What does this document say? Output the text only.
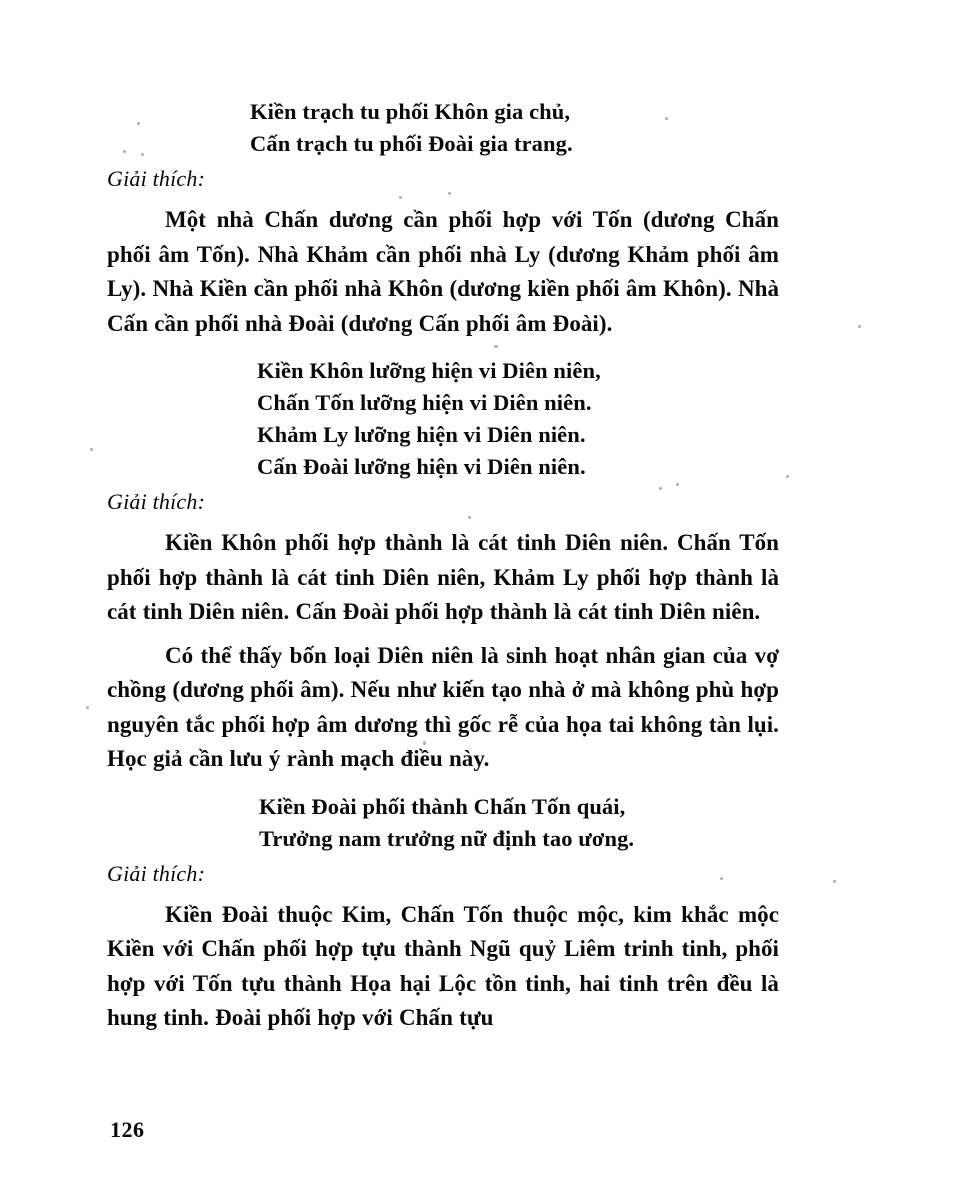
Kiền trạch tu phối Khôn gia chủ,
Cấn trạch tu phối Đoài gia trang.
Giải thích:

Một nhà Chấn dương cần phối hợp với Tốn (dương Chấn phối âm Tốn). Nhà Khảm cần phối nhà Ly (dương Khảm phối âm Ly). Nhà Kiền cần phối nhà Khôn (dương kiền phối âm Khôn). Nhà Cấn cần phối nhà Đoài (dương Cấn phối âm Đoài).

Kiền Khôn lưỡng hiện vi Diên niên,
Chấn Tốn lưỡng hiện vi Diên niên.
Khảm Ly lưỡng hiện vi Diên niên.
Cấn Đoài lưỡng hiện vi Diên niên.
Giải thích:

Kiền Khôn phối hợp thành là cát tinh Diên niên. Chấn Tốn phối hợp thành là cát tinh Diên niên, Khảm Ly phối hợp thành là cát tinh Diên niên. Cấn Đoài phối hợp thành là cát tinh Diên niên.

Có thể thấy bốn loại Diên niên là sinh hoạt nhân gian của vợ chồng (dương phối âm). Nếu như kiến tạo nhà ở mà không phù hợp nguyên tắc phối hợp âm dương thì gốc rễ của họa tai không tàn lụi. Học giả cần lưu ý rành mạch điều này.

Kiền Đoài phối thành Chấn Tốn quái,
Trưởng nam trưởng nữ định tao ương.
Giải thích:

Kiền Đoài thuộc Kim, Chấn Tốn thuộc mộc, kim khắc mộc Kiền với Chấn phối hợp tựu thành Ngũ quỷ Liêm trinh tinh, phối hợp với Tốn tựu thành Họa hại Lộc tồn tinh, hai tinh trên đều là hung tinh. Đoài phối hợp với Chấn tựu

126
